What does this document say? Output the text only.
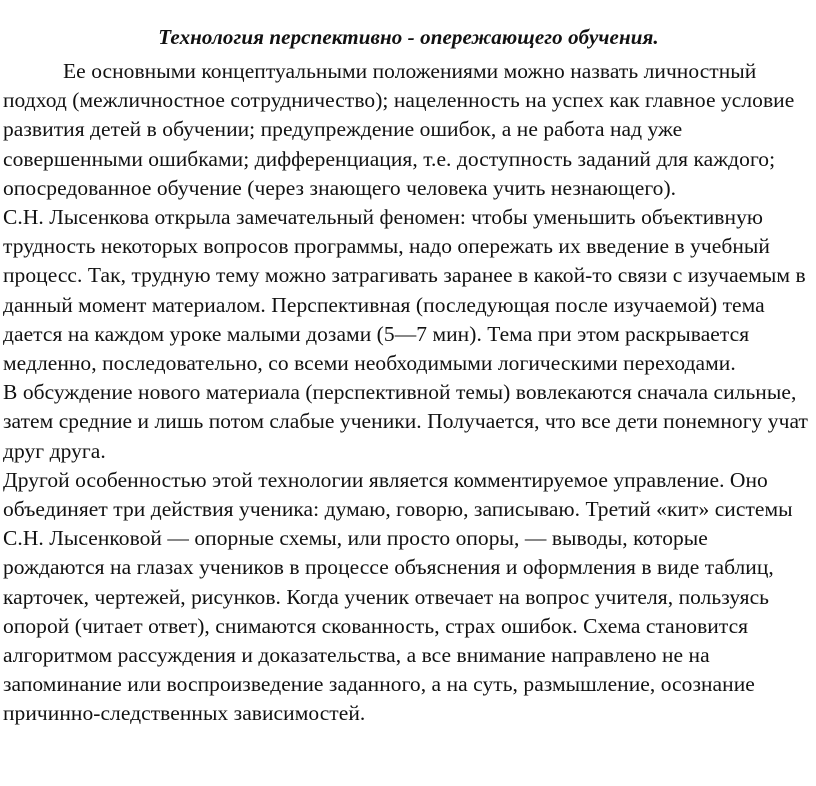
Технология перспективно - опережающего обучения.

Ее основными концептуальными положениями можно назвать личностный подход (межличностное сотрудничество); нацеленность на успех как главное условие развития детей в обучении; предупреждение ошибок, а не работа над уже совершенными ошибками; дифференциация, т.е. доступность заданий для каждого; опосредованное обучение (через знающего человека учить незнающего).

С.Н. Лысенкова открыла замечательный феномен: чтобы уменьшить объективную трудность некоторых вопросов программы, надо опережать их введение в учебный процесс. Так, трудную тему можно затрагивать заранее в какой-то связи с изучаемым в данный момент материалом. Перспективная (последующая после изучаемой) тема дается на каждом уроке малыми дозами (5—7 мин). Тема при этом раскрывается медленно, последовательно, со всеми необходимыми логическими переходами.

В обсуждение нового материала (перспективной темы) вовлекаются сначала сильные, затем средние и лишь потом слабые ученики. Получается, что все дети понемногу учат друг друга.

Другой особенностью этой технологии является комментируемое управление. Оно объединяет три действия ученика: думаю, говорю, записываю. Третий «кит» системы С.Н. Лысенковой — опорные схемы, или просто опоры, — выводы, которые рождаются на глазах учеников в процессе объяснения и оформления в виде таблиц, карточек, чертежей, рисунков. Когда ученик отвечает на вопрос учителя, пользуясь опорой (читает ответ), снимаются скованность, страх ошибок. Схема становится алгоритмом рассуждения и доказательства, а все внимание направлено не на запоминание или воспроизведение заданного, а на суть, размышление, осознание причинно-следственных зависимостей.
